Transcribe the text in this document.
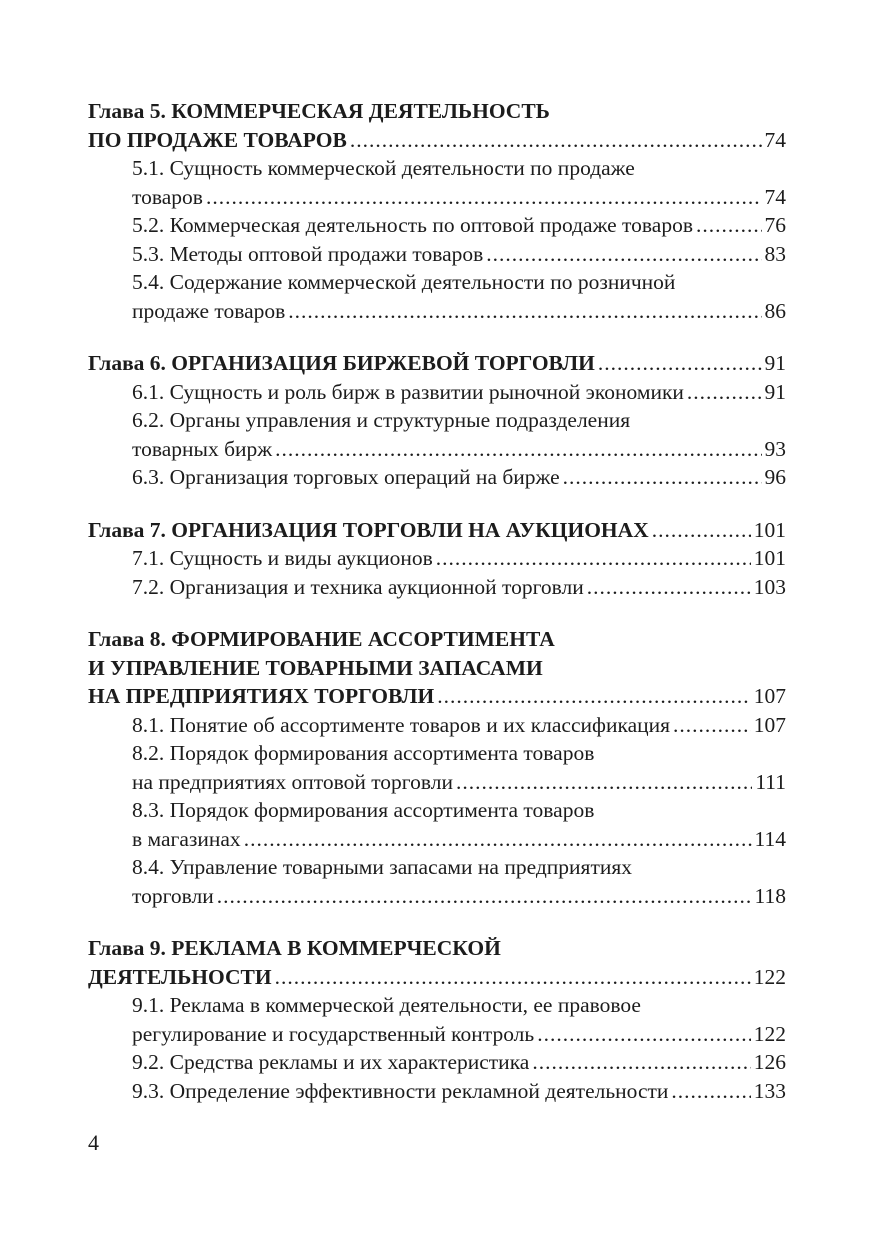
Глава 5. КОММЕРЧЕСКАЯ ДЕЯТЕЛЬНОСТЬ
ПО ПРОДАЖЕ ТОВАРОВ .....	74
5.1. Сущность коммерческой деятельности по продаже
товаров .....	74
5.2. Коммерческая деятельность по оптовой продаже товаров .....	76
5.3. Методы оптовой продажи товаров .....	83
5.4. Содержание коммерческой деятельности по розничной
продаже товаров .....	86
Глава 6. ОРГАНИЗАЦИЯ БИРЖЕВОЙ ТОРГОВЛИ .....	91
6.1. Сущность и роль бирж в развитии рыночной экономики .....	91
6.2. Органы управления и структурные подразделения
товарных бирж .....	93
6.3. Организация торговых операций на бирже .....	96
Глава 7. ОРГАНИЗАЦИЯ ТОРГОВЛИ НА АУКЦИОНАХ .....	101
7.1. Сущность и виды аукционов .....	101
7.2. Организация и техника аукционной торговли .....	103
Глава 8. ФОРМИРОВАНИЕ АССОРТИМЕНТА
И УПРАВЛЕНИЕ ТОВАРНЫМИ ЗАПАСАМИ
НА ПРЕДПРИЯТИЯХ ТОРГОВЛИ .....	107
8.1. Понятие об ассортименте товаров и их классификация .....	107
8.2. Порядок формирования ассортимента товаров
на предприятиях оптовой торговли .....	111
8.3. Порядок формирования ассортимента товаров
в магазинах .....	114
8.4. Управление товарными запасами на предприятиях
торговли .....	118
Глава 9. РЕКЛАМА В КОММЕРЧЕСКОЙ
ДЕЯТЕЛЬНОСТИ .....	122
9.1. Реклама в коммерческой деятельности, ее правовое
регулирование и государственный контроль .....	122
9.2. Средства рекламы и их характеристика .....	126
9.3. Определение эффективности рекламной деятельности .....	133
4
